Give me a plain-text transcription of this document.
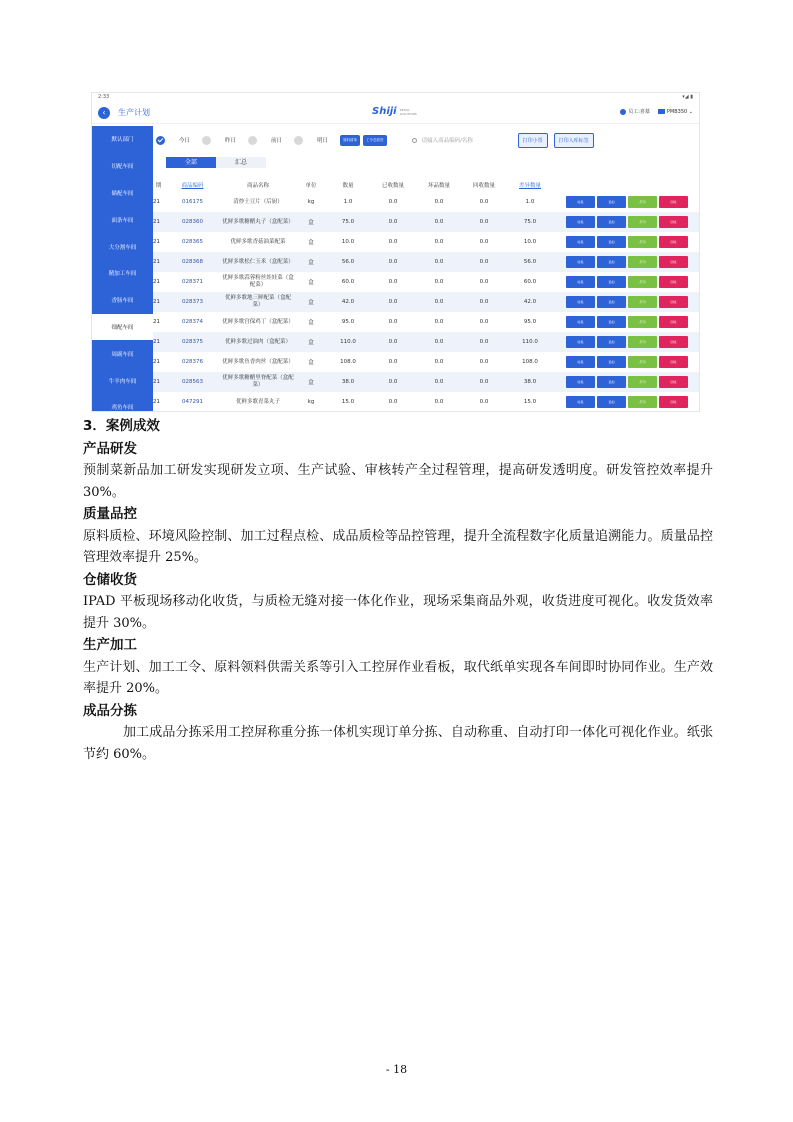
2:33	▾◢ ▮
‹	生产计划	Shiji RETAIL SOLUTIONS	员工:喜慕	PMB350 ⌄
默认部门
切配车间
储配车间
面条车间
大分割车间
精加工车间
香肠车间
细配车间
周副车间
牛羊肉车间
鸡鱼车间
今日	昨日	前日	明日	原料清单	工令总收货	请输入商品编码/名称	打印小票	打印入库标签
全部	汇总
期	商品编码	商品名称	单位	数量	已收数量	坏品数量	回收数量	差异数量	
21	016175	清炒土豆片（后厨）	kg	1.0	0.0	0.0	0.0	1.0	收集 追加 打印 回收
21	028360	优鲜多歌糖醋丸子（盒配菜）	盒	75.0	0.0	0.0	0.0	75.0	收集 追加 打印 回收
21	028365	优鲜多歌香菇油菜配菜	盒	10.0	0.0	0.0	0.0	10.0	收集 追加 打印 回收
21	028368	优鲜多歌松仁玉米（盒配菜）	盒	56.0	0.0	0.0	0.0	56.0	收集 追加 打印 回收
21	028371	优鲜多歌蒜蓉粉丝娃娃菜（盒配菜）	盒	60.0	0.0	0.0	0.0	60.0	收集 追加 打印 回收
21	028373	优鲜多歌地三鲜配菜（盒配菜）	盒	42.0	0.0	0.0	0.0	42.0	收集 追加 打印 回收
21	028374	优鲜多歌宫保鸡丁（盒配菜）	盒	95.0	0.0	0.0	0.0	95.0	收集 追加 打印 回收
21	028375	优鲜多歌过油肉（盒配菜）	盒	110.0	0.0	0.0	0.0	110.0	收集 追加 打印 回收
21	028376	优鲜多歌鱼香肉丝（盒配菜）	盒	108.0	0.0	0.0	0.0	108.0	收集 追加 打印 回收
21	028563	优鲜多歌糖醋里脊配菜（盒配菜）	盒	38.0	0.0	0.0	0.0	38.0	收集 追加 打印 回收
21	047291	优鲜多歌青菜丸子	kg	15.0	0.0	0.0	0.0	15.0	收集 追加 打印 回收
3．案例成效
产品研发
预制菜新品加工研发实现研发立项、生产试验、审核转产全过程管理，提高研发透明度。研发管控效率提升 30%。
质量品控
原料质检、环境风险控制、加工过程点检、成品质检等品控管理，提升全流程数字化质量追溯能力。质量品控管理效率提升 25%。
仓储收货
IPAD 平板现场移动化收货，与质检无缝对接一体化作业，现场采集商品外观，收货进度可视化。收发货效率提升 30%。
生产加工
生产计划、加工工令、原料领料供需关系等引入工控屏作业看板，取代纸单实现各车间即时协同作业。生产效率提升 20%。
成品分拣
加工成品分拣采用工控屏称重分拣一体机实现订单分拣、自动称重、自动打印一体化可视化作业。纸张节约 60%。
- 18
